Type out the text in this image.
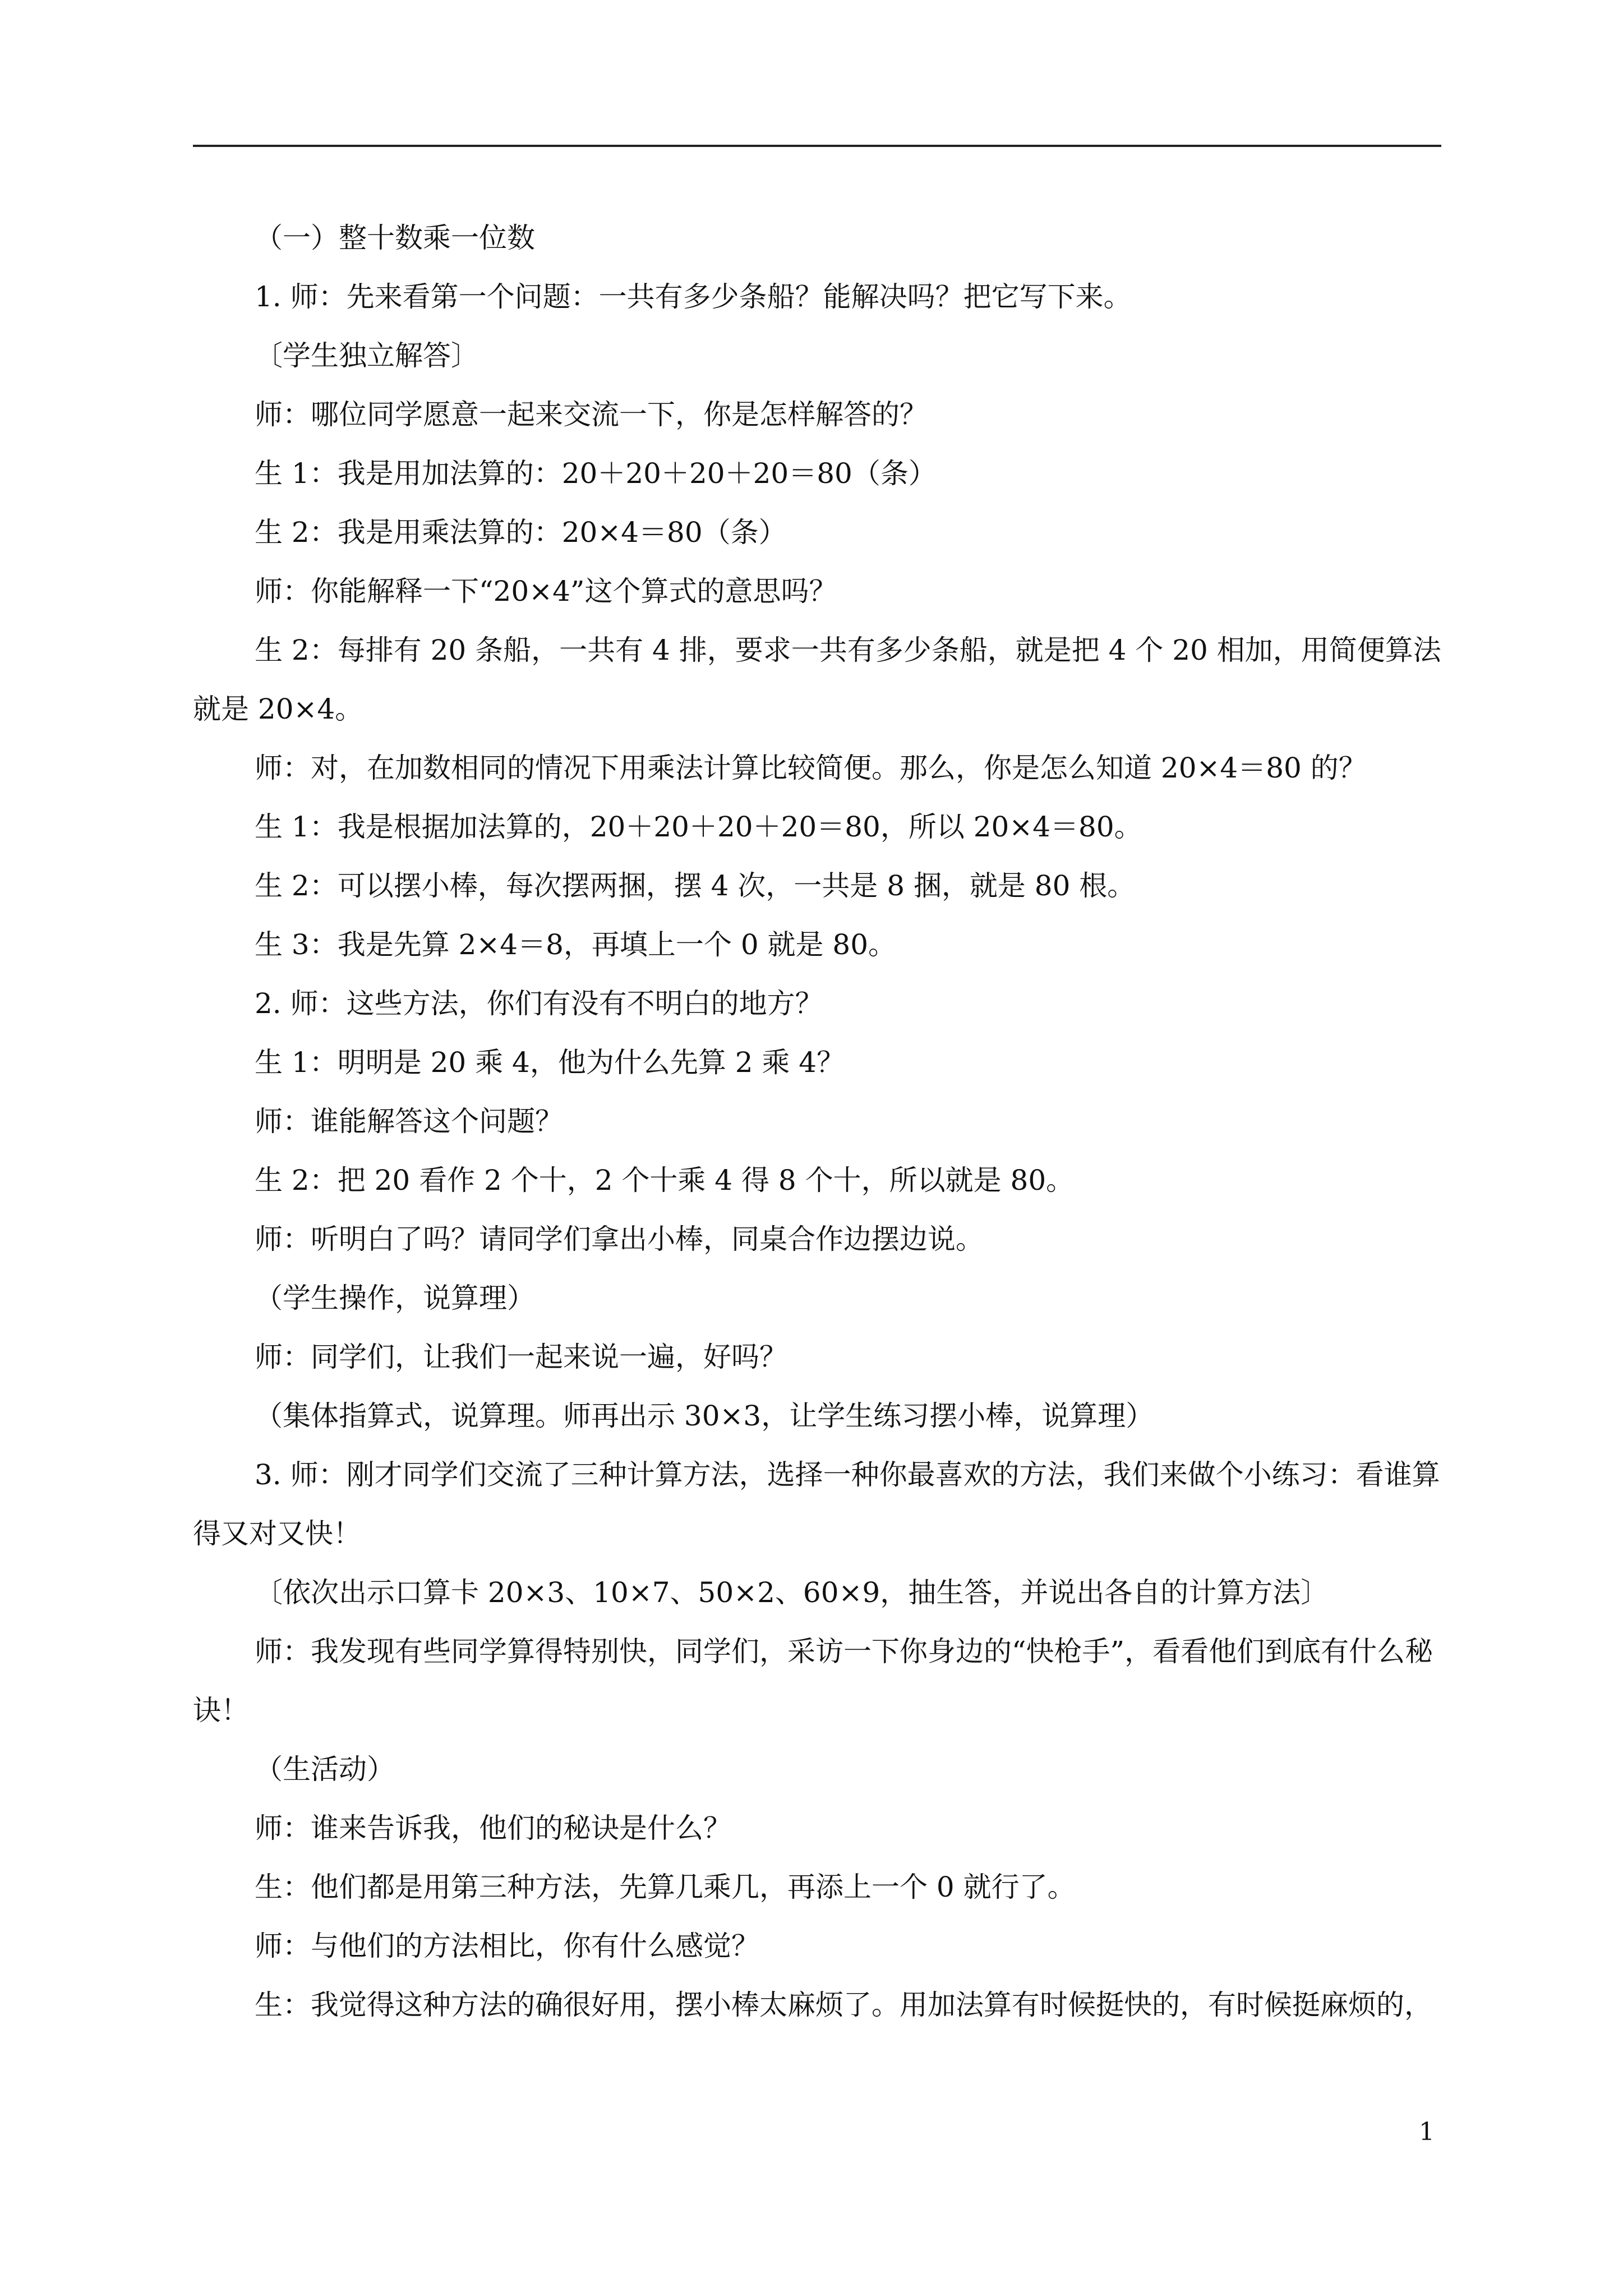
（一）整十数乘一位数

1. 师：先来看第一个问题：一共有多少条船？能解决吗？把它写下来。

〔学生独立解答〕

师：哪位同学愿意一起来交流一下，你是怎样解答的？

生 1：我是用加法算的：20＋20＋20＋20＝80（条）

生 2：我是用乘法算的：20×4＝80（条）

师：你能解释一下“20×4”这个算式的意思吗？

生 2：每排有 20 条船，一共有 4 排，要求一共有多少条船，就是把 4 个 20 相加，用简便算法就是 20×4。

师：对，在加数相同的情况下用乘法计算比较简便。那么，你是怎么知道 20×4＝80 的？

生 1：我是根据加法算的，20＋20＋20＋20＝80，所以 20×4＝80。

生 2：可以摆小棒，每次摆两捆，摆 4 次，一共是 8 捆，就是 80 根。

生 3：我是先算 2×4＝8，再填上一个 0 就是 80。

2. 师：这些方法，你们有没有不明白的地方？

生 1：明明是 20 乘 4，他为什么先算 2 乘 4？

师：谁能解答这个问题？

生 2：把 20 看作 2 个十，2 个十乘 4 得 8 个十，所以就是 80。

师：听明白了吗？请同学们拿出小棒，同桌合作边摆边说。

（学生操作，说算理）

师：同学们，让我们一起来说一遍，好吗？

（集体指算式，说算理。师再出示 30×3，让学生练习摆小棒，说算理）

3. 师：刚才同学们交流了三种计算方法，选择一种你最喜欢的方法，我们来做个小练习：看谁算得又对又快！

〔依次出示口算卡 20×3、10×7、50×2、60×9，抽生答，并说出各自的计算方法〕

师：我发现有些同学算得特别快，同学们，采访一下你身边的“快枪手”，看看他们到底有什么秘诀！

（生活动）

师：谁来告诉我，他们的秘诀是什么？

生：他们都是用第三种方法，先算几乘几，再添上一个 0 就行了。

师：与他们的方法相比，你有什么感觉？

生：我觉得这种方法的确很好用，摆小棒太麻烦了。用加法算有时候挺快的，有时候挺麻烦的，

1
